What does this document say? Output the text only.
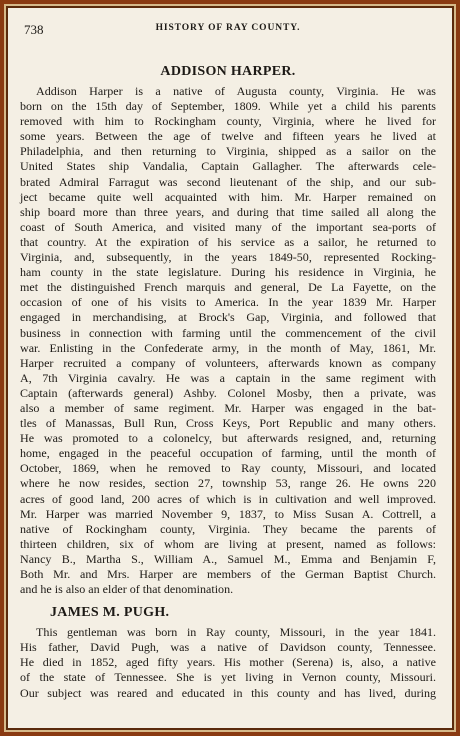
738	HISTORY OF RAY COUNTY.
ADDISON HARPER.
Addison Harper is a native of Augusta county, Virginia. He was
born on the 15th day of September, 1809. While yet a child his parents
removed with him to Rockingham county, Virginia, where he lived for
some years. Between the age of twelve and fifteen years he lived at
Philadelphia, and then returning to Virginia, shipped as a sailor on the
United States ship Vandalia, Captain Gallagher. The afterwards cele-
brated Admiral Farragut was second lieutenant of the ship, and our sub-
ject became quite well acquainted with him. Mr. Harper remained on
ship board more than three years, and during that time sailed all along the
coast of South America, and visited many of the important sea-ports of
that country. At the expiration of his service as a sailor, he returned to
Virginia, and, subsequently, in the years 1849-50, represented Rocking-
ham county in the state legislature. During his residence in Virginia, he
met the distinguished French marquis and general, De La Fayette, on the
occasion of one of his visits to America. In the year 1839 Mr. Harper
engaged in merchandising, at Brock's Gap, Virginia, and followed that
business in connection with farming until the commencement of the civil
war. Enlisting in the Confederate army, in the month of May, 1861, Mr.
Harper recruited a company of volunteers, afterwards known as company
A, 7th Virginia cavalry. He was a captain in the same regiment with
Captain (afterwards general) Ashby. Colonel Mosby, then a private, was
also a member of same regiment. Mr. Harper was engaged in the bat-
tles of Manassas, Bull Run, Cross Keys, Port Republic and many others.
He was promoted to a colonelcy, but afterwards resigned, and, returning
home, engaged in the peaceful occupation of farming, until the month of
October, 1869, when he removed to Ray county, Missouri, and located
where he now resides, section 27, township 53, range 26. He owns 220
acres of good land, 200 acres of which is in cultivation and well improved.
Mr. Harper was married November 9, 1837, to Miss Susan A. Cottrell, a
native of Rockingham county, Virginia. They became the parents of
thirteen children, six of whom are living at present, named as follows:
Nancy B., Martha S., William A., Samuel M., Emma and Benjamin F,
Both Mr. and Mrs. Harper are members of the German Baptist Church.
and he is also an elder of that denomination.
JAMES M. PUGH.
This gentleman was born in Ray county, Missouri, in the year 1841.
His father, David Pugh, was a native of Davidson county, Tennessee.
He died in 1852, aged fifty years. His mother (Serena) is, also, a native
of the state of Tennessee. She is yet living in Vernon county, Missouri.
Our subject was reared and educated in this county and has lived, during
